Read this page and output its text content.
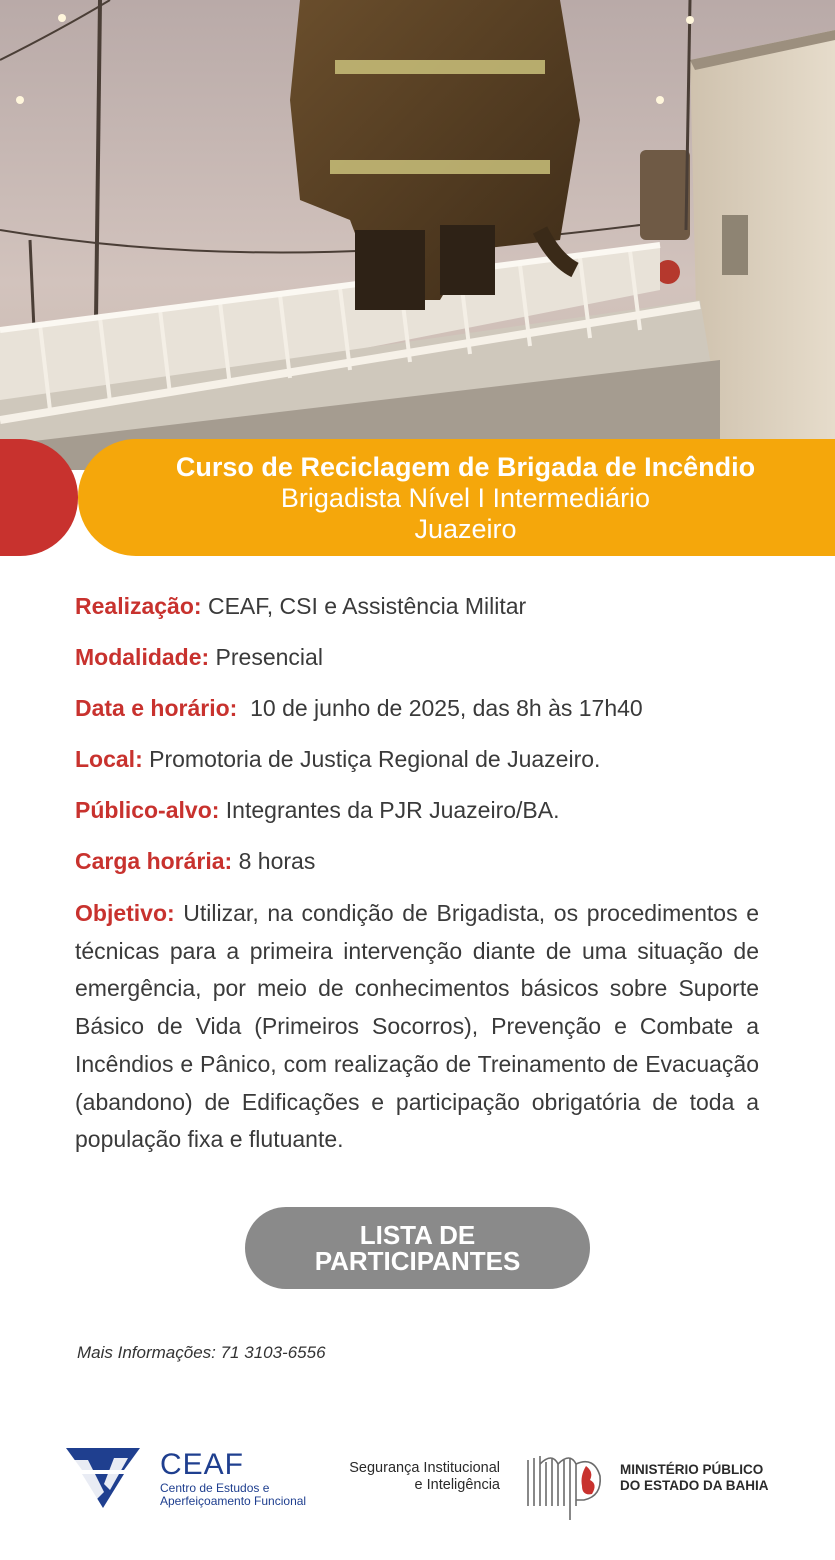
Curso de Reciclagem de Brigada de Incêndio
Brigadista Nível I Intermediário
Juazeiro
Realização: CEAF, CSI e Assistência Militar
Modalidade: Presencial
Data e horário:  10 de junho de 2025, das 8h às 17h40
Local: Promotoria de Justiça Regional de Juazeiro.
Público-alvo: Integrantes da PJR Juazeiro/BA.
Carga horária: 8 horas
Objetivo: Utilizar, na condição de Brigadista, os procedimentos e técnicas para a primeira intervenção diante de uma situação de emergência, por meio de conhecimentos básicos sobre Suporte Básico de Vida (Primeiros Socorros), Prevenção e Combate a Incêndios e Pânico, com realização de Treinamento de Evacuação (abandono) de Edificações e participação obrigatória de toda a população fixa e flutuante.
LISTA DE
PARTICIPANTES
Mais Informações: 71 3103-6556
CEAF
Centro de Estudos e
Aperfeiçoamento Funcional
Segurança Institucional
e Inteligência
MINISTÉRIO PÚBLICO
DO ESTADO DA BAHIA
